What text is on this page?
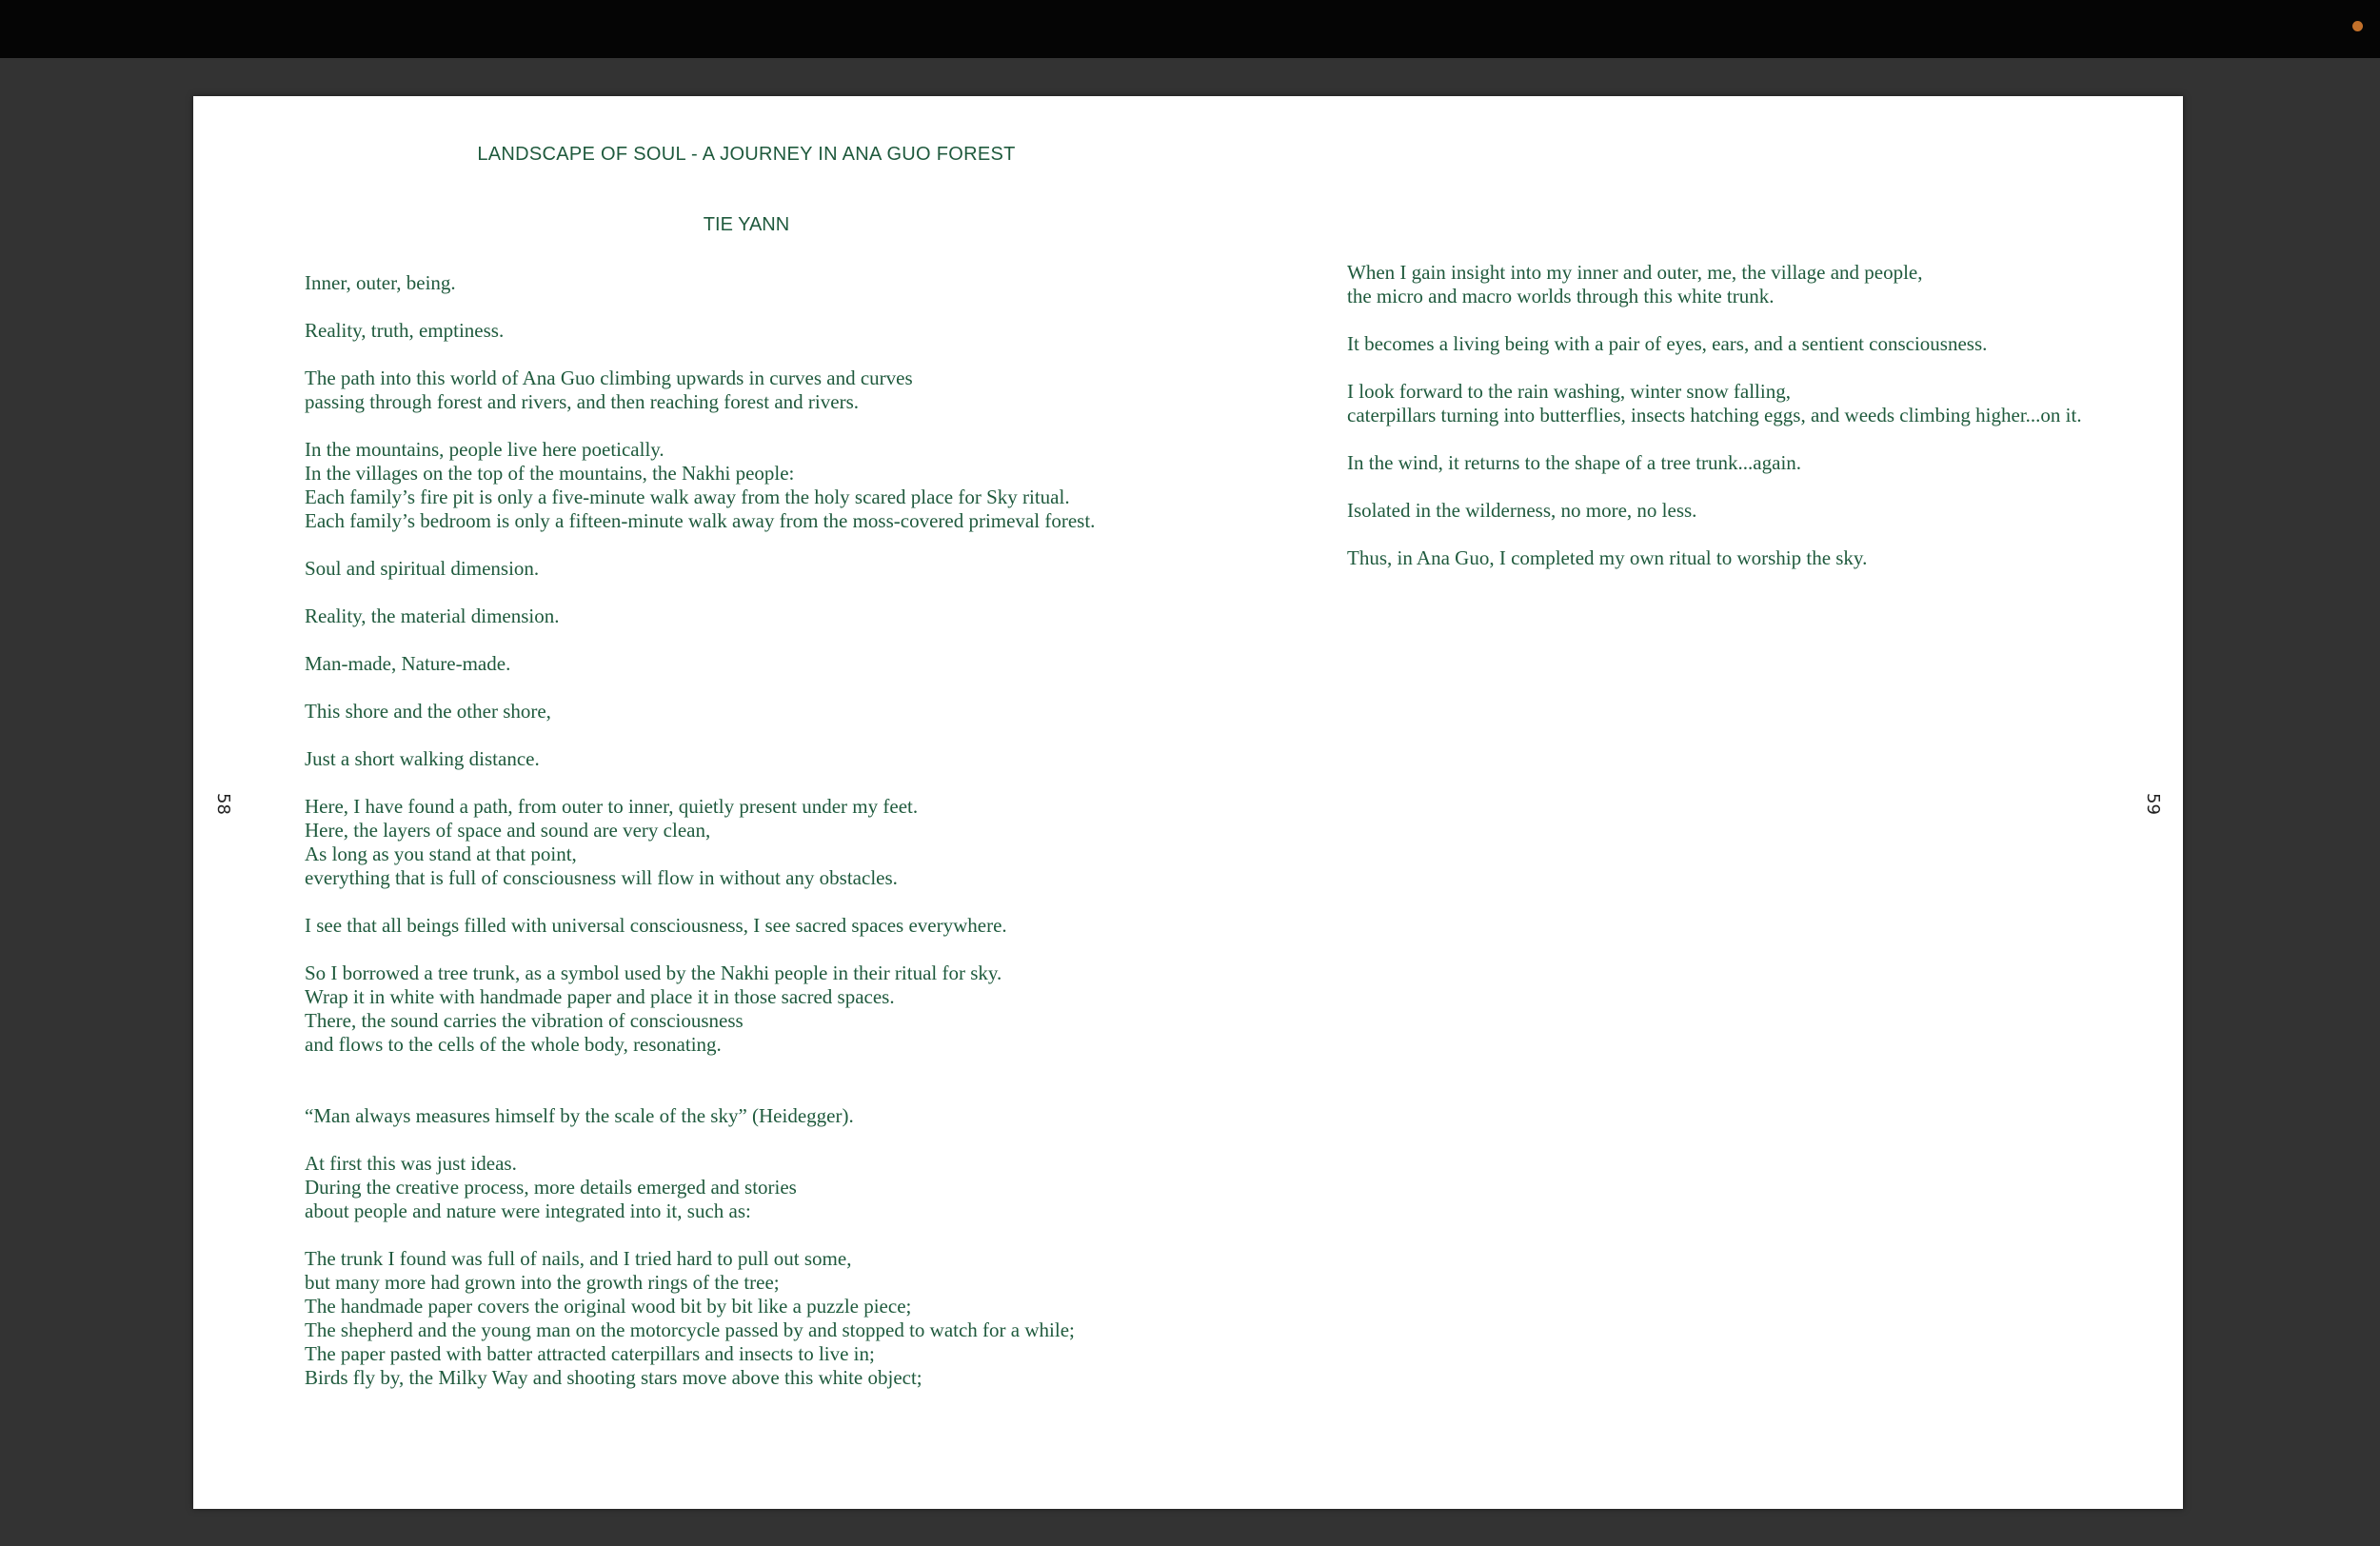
LANDSCAPE OF SOUL - A JOURNEY IN ANA GUO FOREST
TIE YANN
Inner, outer, being.
Reality, truth, emptiness.
The path into this world of Ana Guo climbing upwards in curves and curves
passing through forest and rivers, and then reaching forest and rivers.
In the mountains, people live here poetically.
In the villages on the top of the mountains, the Nakhi people:
Each family’s fire pit is only a five-minute walk away from the holy scared place for Sky ritual.
Each family’s bedroom is only a fifteen-minute walk away from the moss-covered primeval forest.
Soul and spiritual dimension.
Reality, the material dimension.
Man-made, Nature-made.
This shore and the other shore,
Just a short walking distance.
Here, I have found a path, from outer to inner, quietly present under my feet.
Here, the layers of space and sound are very clean,
As long as you stand at that point,
everything that is full of consciousness will flow in without any obstacles.
I see that all beings filled with universal consciousness, I see sacred spaces everywhere.
So I borrowed a tree trunk, as a symbol used by the Nakhi people in their ritual for sky.
Wrap it in white with handmade paper and place it in those sacred spaces.
There, the sound carries the vibration of consciousness
and flows to the cells of the whole body, resonating.
“Man always measures himself by the scale of the sky” (Heidegger).
At first this was just ideas.
During the creative process, more details emerged and stories
about people and nature were integrated into it, such as:
The trunk I found was full of nails, and I tried hard to pull out some,
but many more had grown into the growth rings of the tree;
The handmade paper covers the original wood bit by bit like a puzzle piece;
The shepherd and the young man on the motorcycle passed by and stopped to watch for a while;
The paper pasted with batter attracted caterpillars and insects to live in;
Birds fly by, the Milky Way and shooting stars move above this white object;
58
When I gain insight into my inner and outer, me, the village and people,
the micro and macro worlds through this white trunk.
It becomes a living being with a pair of eyes, ears, and a sentient consciousness.
I look forward to the rain washing, winter snow falling,
caterpillars turning into butterflies, insects hatching eggs, and weeds climbing higher...on it.
In the wind, it returns to the shape of a tree trunk...again.
Isolated in the wilderness, no more, no less.
Thus, in Ana Guo, I completed my own ritual to worship the sky.
59
